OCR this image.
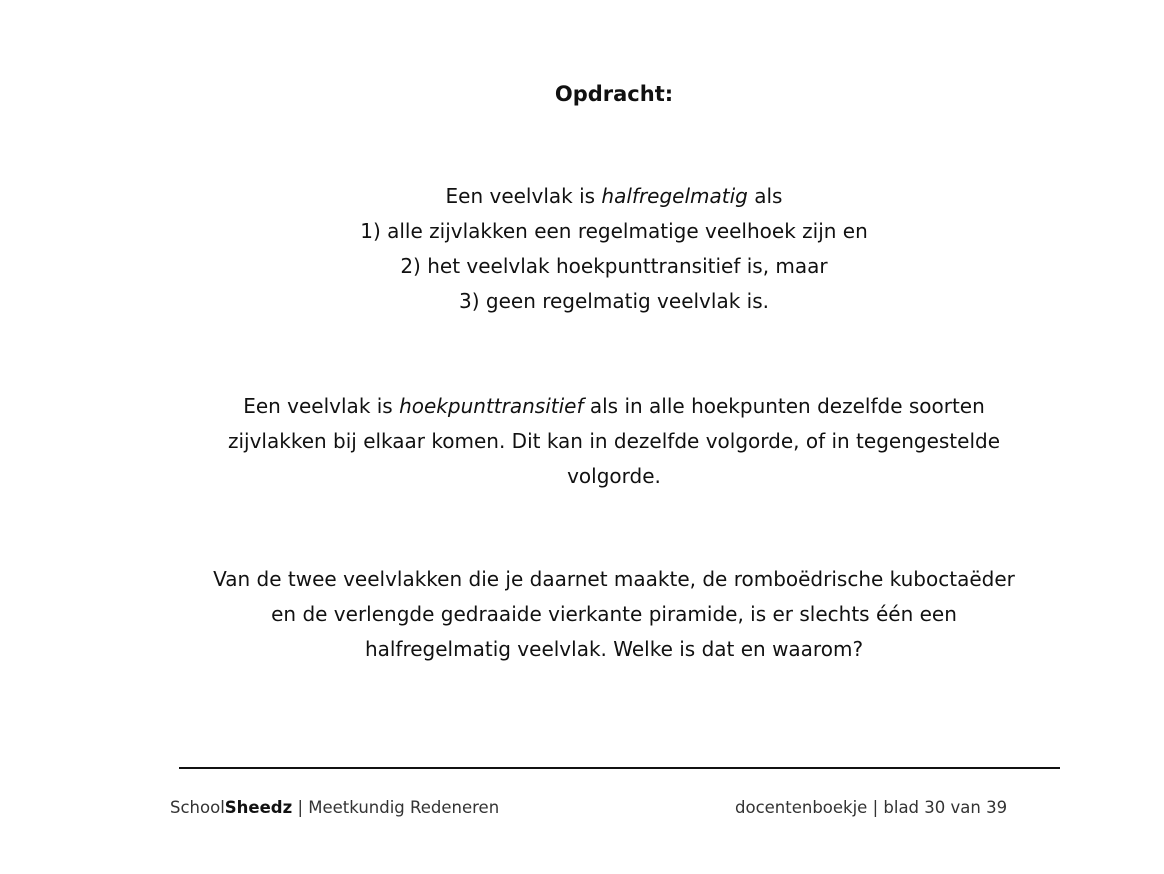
Opdracht:
Een veelvlak is halfregelmatig als
1) alle zijvlakken een regelmatige veelhoek zijn en
2) het veelvlak hoekpunttransitief is, maar
3) geen regelmatig veelvlak is.
Een veelvlak is hoekpunttransitief als in alle hoekpunten dezelfde soorten
zijvlakken bij elkaar komen. Dit kan in dezelfde volgorde, of in tegengestelde
volgorde.
Van de twee veelvlakken die je daarnet maakte, de romboëdrische kuboctaëder
en de verlengde gedraaide vierkante piramide, is er slechts één een
halfregelmatig veelvlak. Welke is dat en waarom?
SchoolSheedz | Meetkundig Redeneren	docentenboekje | blad 30 van 39
